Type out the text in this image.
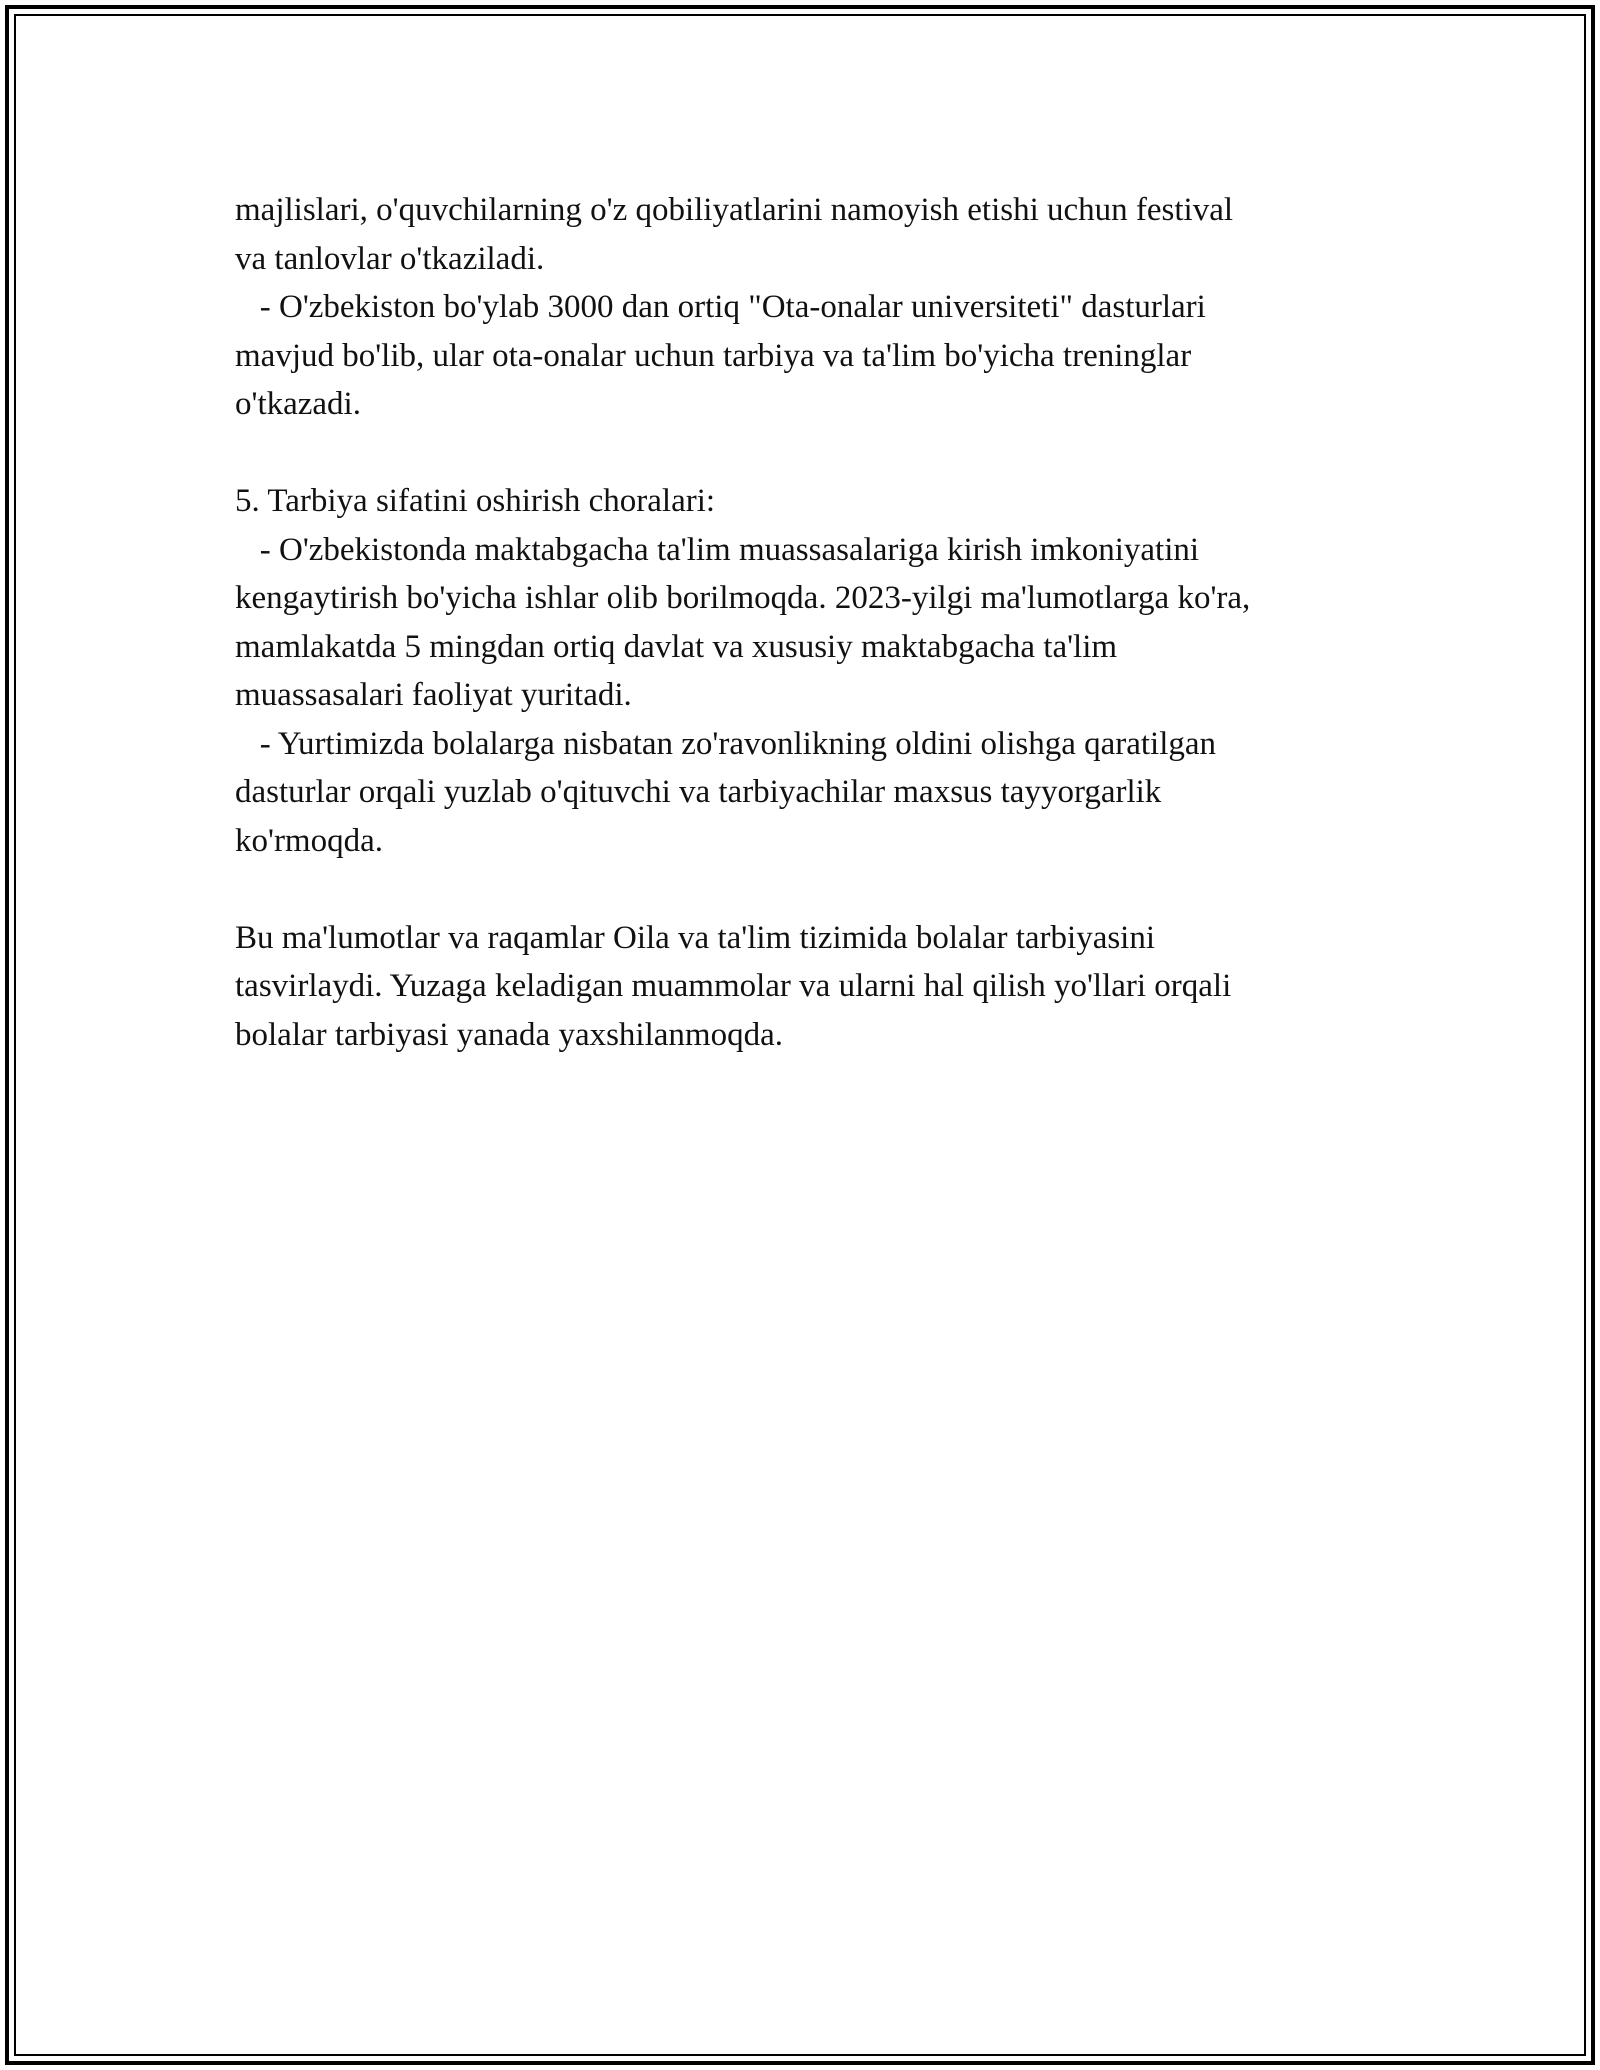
majlislari, o'quvchilarning o'z qobiliyatlarini namoyish etishi uchun festival
va tanlovlar o'tkaziladi.
- O'zbekiston bo'ylab 3000 dan ortiq "Ota-onalar universiteti" dasturlari
mavjud bo'lib, ular ota-onalar uchun tarbiya va ta'lim bo'yicha treninglar
o'tkazadi.
5. Tarbiya sifatini oshirish choralari:
- O'zbekistonda maktabgacha ta'lim muassasalariga kirish imkoniyatini
kengaytirish bo'yicha ishlar olib borilmoqda. 2023-yilgi ma'lumotlarga ko'ra,
mamlakatda 5 mingdan ortiq davlat va xususiy maktabgacha ta'lim
muassasalari faoliyat yuritadi.
- Yurtimizda bolalarga nisbatan zo'ravonlikning oldini olishga qaratilgan
dasturlar orqali yuzlab o'qituvchi va tarbiyachilar maxsus tayyorgarlik
ko'rmoqda.
Bu ma'lumotlar va raqamlar Oila va ta'lim tizimida bolalar tarbiyasini
tasvirlaydi. Yuzaga keladigan muammolar va ularni hal qilish yo'llari orqali
bolalar tarbiyasi yanada yaxshilanmoqda.
